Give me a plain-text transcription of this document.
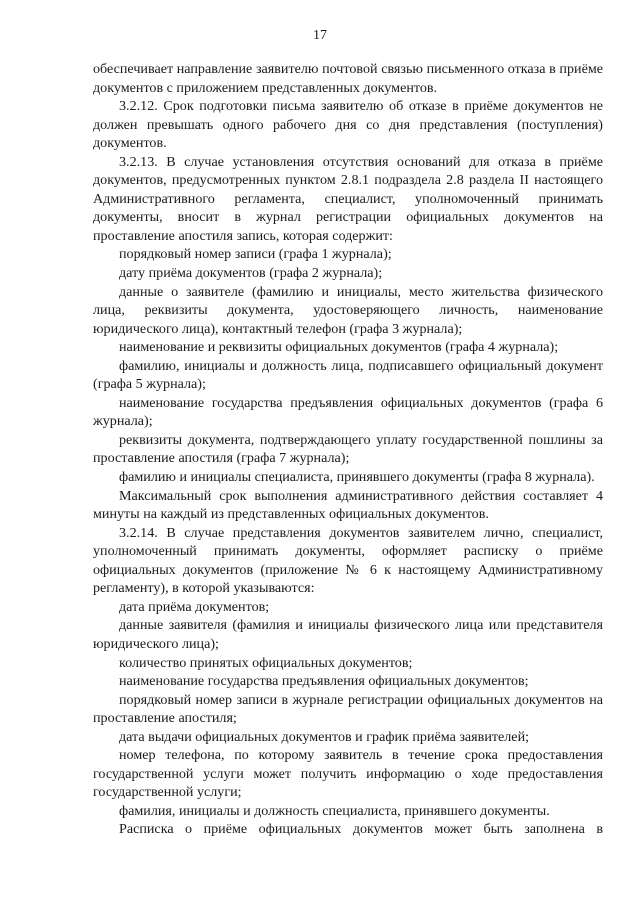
17

обеспечивает направление заявителю почтовой связью письменного отказа в приёме документов с приложением представленных документов.

3.2.12. Срок подготовки письма заявителю об отказе в приёме документов не должен превышать одного рабочего дня со дня представления (поступления) документов.

3.2.13. В случае установления отсутствия оснований для отказа в приёме документов, предусмотренных пунктом 2.8.1 подраздела 2.8 раздела II настоящего Административного регламента, специалист, уполномоченный принимать документы, вносит в журнал регистрации официальных документов на проставление апостиля запись, которая содержит:

порядковый номер записи (графа 1 журнала);

дату приёма документов (графа 2 журнала);

данные о заявителе (фамилию и инициалы, место жительства физического лица, реквизиты документа, удостоверяющего личность, наименование юридического лица), контактный телефон (графа 3 журнала);

наименование и реквизиты официальных документов (графа 4 журнала);

фамилию, инициалы и должность лица, подписавшего официальный документ (графа 5 журнала);

наименование государства предъявления официальных документов (графа 6 журнала);

реквизиты документа, подтверждающего уплату государственной пошлины за проставление апостиля (графа 7 журнала);

фамилию и инициалы специалиста, принявшего документы (графа 8 журнала).

Максимальный срок выполнения административного действия составляет 4 минуты на каждый из представленных официальных документов.

3.2.14. В случае представления документов заявителем лично, специалист, уполномоченный принимать документы, оформляет расписку о приёме официальных документов (приложение № 6 к настоящему Административному регламенту), в которой указываются:

дата приёма документов;

данные заявителя (фамилия и инициалы физического лица или представителя юридического лица);

количество принятых официальных документов;

наименование государства предъявления официальных документов;

порядковый номер записи в журнале регистрации официальных документов на проставление апостиля;

дата выдачи официальных документов и график приёма заявителей;

номер телефона, по которому заявитель в течение срока предоставления государственной услуги может получить информацию о ходе предоставления государственной услуги;

фамилия, инициалы и должность специалиста, принявшего документы.

Расписка о приёме официальных документов может быть заполнена в
